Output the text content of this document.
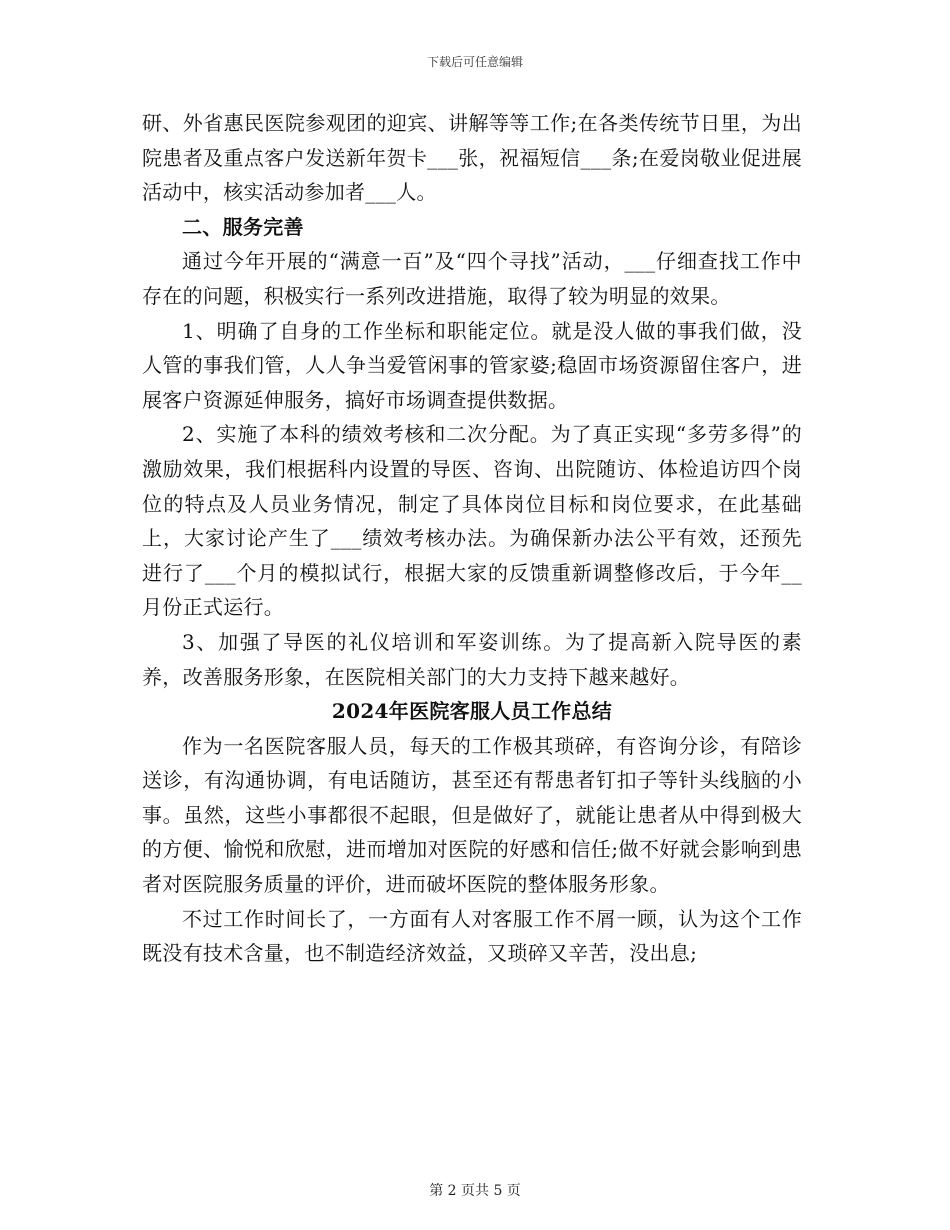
下载后可任意编辑

研、外省惠民医院参观团的迎宾、讲解等等工作;在各类传统节日里，为出院患者及重点客户发送新年贺卡___张，祝福短信___条;在爱岗敬业促进展活动中，核实活动参加者___人。

二、服务完善

通过今年开展的“满意一百”及“四个寻找”活动，___仔细查找工作中存在的问题，积极实行一系列改进措施，取得了较为明显的效果。

1、明确了自身的工作坐标和职能定位。就是没人做的事我们做，没人管的事我们管，人人争当爱管闲事的管家婆;稳固市场资源留住客户，进展客户资源延伸服务，搞好市场调查提供数据。

2、实施了本科的绩效考核和二次分配。为了真正实现“多劳多得”的激励效果，我们根据科内设置的导医、咨询、出院随访、体检追访四个岗位的特点及人员业务情况，制定了具体岗位目标和岗位要求，在此基础上，大家讨论产生了___绩效考核办法。为确保新办法公平有效，还预先进行了___个月的模拟试行，根据大家的反馈重新调整修改后，于今年__月份正式运行。

3、加强了导医的礼仪培训和军姿训练。为了提高新入院导医的素养，改善服务形象，在医院相关部门的大力支持下越来越好。

2024年医院客服人员工作总结

作为一名医院客服人员，每天的工作极其琐碎，有咨询分诊，有陪诊送诊，有沟通协调，有电话随访，甚至还有帮患者钉扣子等针头线脑的小事。虽然，这些小事都很不起眼，但是做好了，就能让患者从中得到极大的方便、愉悦和欣慰，进而增加对医院的好感和信任;做不好就会影响到患者对医院服务质量的评价，进而破坏医院的整体服务形象。

不过工作时间长了，一方面有人对客服工作不屑一顾，认为这个工作既没有技术含量，也不制造经济效益，又琐碎又辛苦，没出息;

第 2 页共 5 页
